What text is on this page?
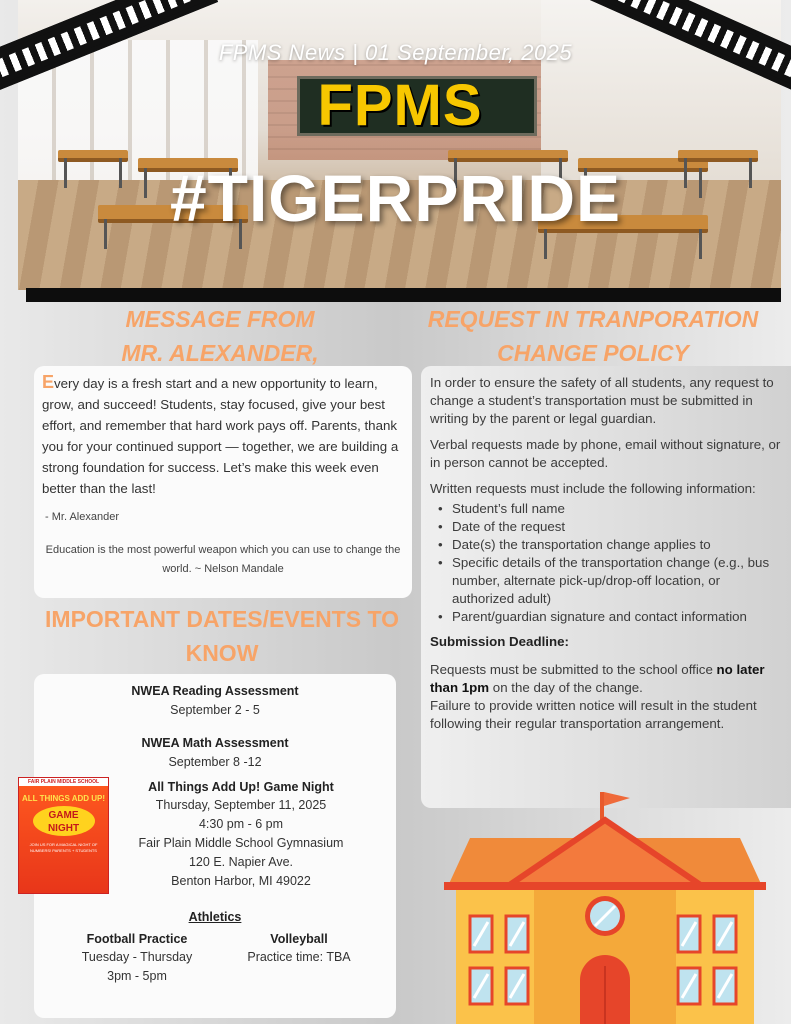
FPMS News | 01 September, 2025
FPMS
#TIGERPRIDE
MESSAGE FROM
MR. ALEXANDER,
REQUEST IN TRANPORATION
CHANGE POLICY
Every day is a fresh start and a new opportunity to learn, grow, and succeed! Students, stay focused, give your best effort, and remember that hard work pays off. Parents, thank you for your continued support — together, we are building a strong foundation for success. Let’s make this week even better than the last!
- Mr. Alexander
Education is the most powerful weapon which you can use to change the world. ~ Nelson Mandale

In order to ensure the safety of all students, any request to change a student’s transportation must be submitted in writing by the parent or legal guardian.

Verbal requests made by phone, email without signature, or in person cannot be accepted.

Written requests must include the following information:

• Student’s full name
• Date of the request
• Date(s) the transportation change applies to
• Specific details of the transportation change (e.g., bus number, alternate pick-up/drop-off location, or authorized adult)
• Parent/guardian signature and contact information
Submission Deadline:

Requests must be submitted to the school office no later than 1pm on the day of the change.

Failure to provide written notice will result in the student following their regular transportation arrangement.

IMPORTANT DATES/EVENTS TO
KNOW
NWEA Reading Assessment
September 2 - 5
NWEA Math Assessment
September 8 -12
All Things Add Up! Game Night
Thursday, September 11, 2025
4:30 pm - 6 pm
Fair Plain Middle School Gymnasium
120 E. Napier Ave.
Benton Harbor, MI 49022
Athletics
Football Practice
Tuesday - Thursday
3pm - 5pm
Volleyball
Practice time: TBA
FAIR PLAIN MIDDLE SCHOOL
ALL THINGS ADD UP!
GAME NIGHT
JOIN US FOR A MAGICAL NIGHT OF NUMBERS! PARENTS + STUDENTS
